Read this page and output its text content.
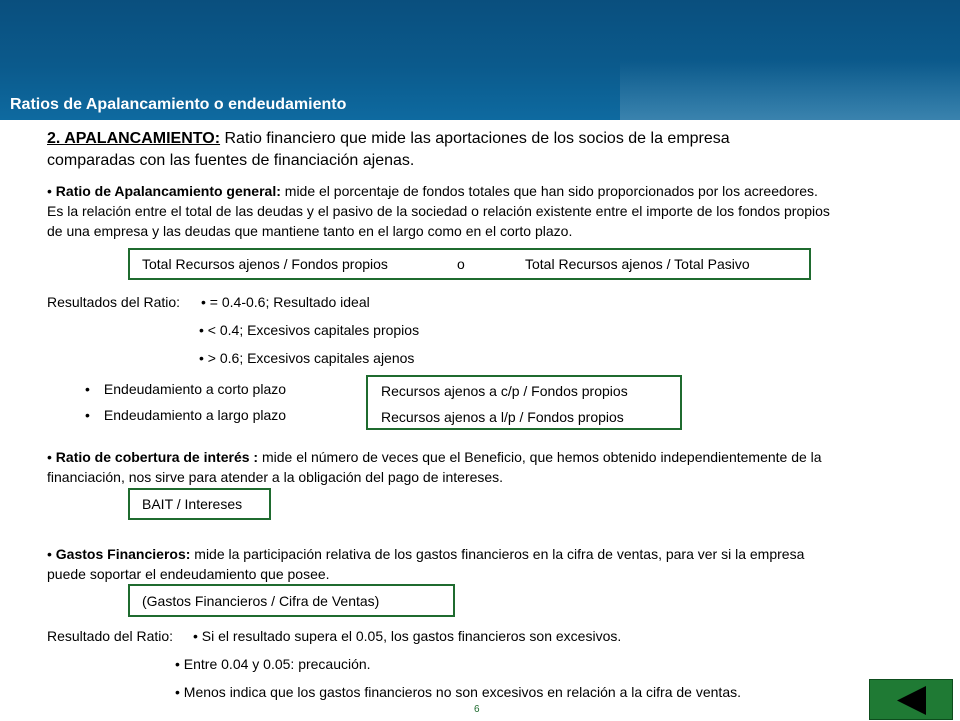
Ratios de Apalancamiento o endeudamiento
2. APALANCAMIENTO: Ratio financiero que mide las aportaciones de los socios de la empresa
comparadas con las fuentes de financiación ajenas.
• Ratio de Apalancamiento general: mide el porcentaje de fondos totales que han sido proporcionados por los acreedores.
Es la relación entre el total de las deudas y el pasivo de la sociedad o relación existente entre el importe de los fondos propios
de una empresa y las deudas que mantiene tanto en el largo como en el corto plazo.
Total Recursos ajenos / Fondos propios	o	Total Recursos ajenos / Total Pasivo
Resultados del Ratio: • = 0.4-0.6; Resultado ideal
• < 0.4; Excesivos capitales propios
• > 0.6; Excesivos capitales ajenos
• Endeudamiento a corto plazo
• Endeudamiento a largo plazo
Recursos ajenos a c/p / Fondos propios
Recursos ajenos a l/p / Fondos propios
• Ratio de cobertura de interés : mide el número de veces que el Beneficio, que hemos obtenido independientemente de la
financiación, nos sirve para atender a la obligación del pago de intereses.
BAIT / Intereses
• Gastos Financieros: mide la participación relativa de los gastos financieros en la cifra de ventas, para ver si la empresa
puede soportar el endeudamiento que posee.
(Gastos Financieros / Cifra de Ventas)
Resultado del Ratio: • Si el resultado supera el 0.05, los gastos financieros son excesivos.
• Entre 0.04 y 0.05: precaución.
• Menos indica que los gastos financieros no son excesivos en relación a la cifra de ventas.
6
